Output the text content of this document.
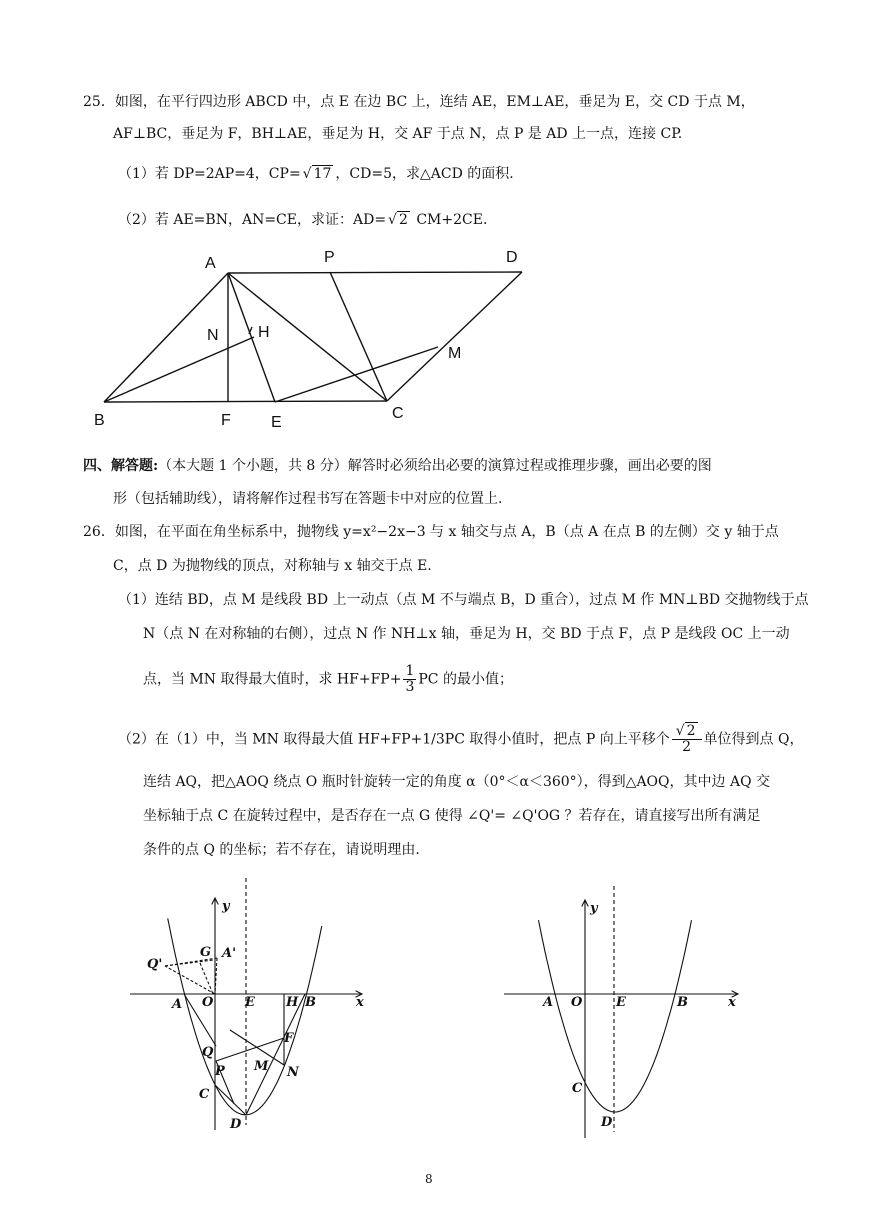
25．如图，在平行四边形 ABCD 中，点 E 在边 BC 上，连结 AE，EM⊥AE，垂足为 E，交 CD 于点 M，
AF⊥BC，垂足为 F，BH⊥AE，垂足为 H，交 AF 于点 N，点 P 是 AD 上一点，连接 CP.
（1）若 DP=2AP=4，CP= √ 17 ，CD=5，求△ACD 的面积.
（2）若 AE=BN，AN=CE，求证：AD= √ 2 CM+2CE.
A	P	D
N H
M
B	F	E
C
四、解答题:（本大题 1 个小题，共 8 分）解答时必须给出必要的演算过程或推理步骤，画出必要的图
形（包括辅助线），请将解作过程书写在答题卡中对应的位置上.
26．如图，在平面在角坐标系中，抛物线 y=x²−2x−3 与 x 轴交与点 A，B（点 A 在点 B 的左侧）交 y 轴于点
C，点 D 为抛物线的顶点，对称轴与 x 轴交于点 E.
（1）连结 BD，点 M 是线段 BD 上一动点（点 M 不与端点 B，D 重合），过点 M 作 MN⊥BD 交抛物线于点
N（点 N 在对称轴的右侧），过点 N 作 NH⊥x 轴，垂足为 H，交 BD 于点 F，点 P 是线段 OC 上一动
点，当 MN 取得最大值时，求 $HF+FP+ \frac{1}{3}$ PC 的最小值；
（2）在（1）中，当 MN 取得最大值 HF+FP+1/3PC 取得小值时，把点 P 向上平移个 $\frac{√ 2}{2}$ 单位得到点 Q，
连结 AQ，把△AOQ 绕点 O 瓶时针旋转一定的角度 α（0°＜α＜360°），得到△AOQ，其中边 AQ 交
坐标轴于点 C 在旋转过程中，是否存在一点 G 使得 ∠Q'= ∠Q'OG ？若存在，请直接写出所有满足
条件的点 Q 的坐标；若不存在，请说明理由.
y
x
Q'
G A'
A O E H B
F
Q
P M N
C
D
y
x
A O	E	B
C
D
8
